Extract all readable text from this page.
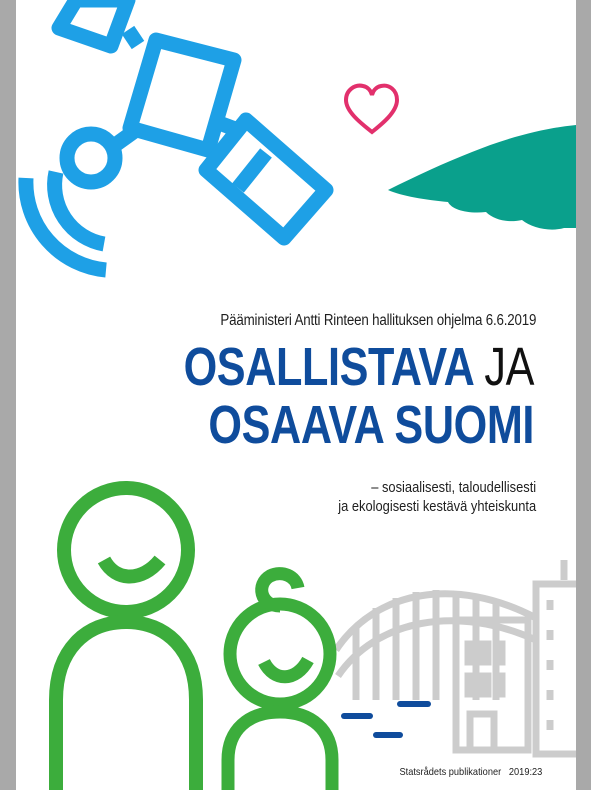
Pääministeri Antti Rinteen hallituksen ohjelma 6.6.2019
OSALLISTAVA JA
OSAAVA SUOMI
– sosiaalisesti, taloudellisesti
ja ekologisesti kestävä yhteiskunta
Statsrådets publikationer 2019:23
